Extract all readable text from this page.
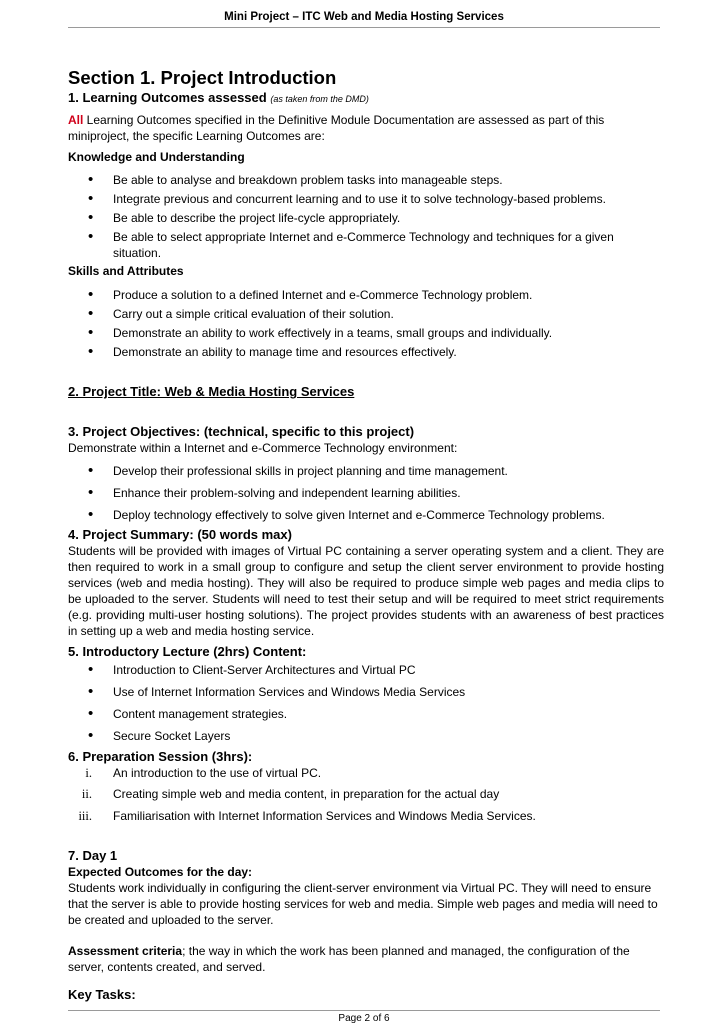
Mini Project – ITC Web and Media Hosting Services
Section 1. Project Introduction

1. Learning Outcomes assessed (as taken from the DMD)

All Learning Outcomes specified in the Definitive Module Documentation are assessed as part of this miniproject, the specific Learning Outcomes are:

Knowledge and Understanding

• Be able to analyse and breakdown problem tasks into manageable steps.
• Integrate previous and concurrent learning and to use it to solve technology-based problems.
• Be able to describe the project life-cycle appropriately.
• Be able to select appropriate Internet and e-Commerce Technology and techniques for a given situation.

Skills and Attributes

• Produce a solution to a defined Internet and e-Commerce Technology problem.
• Carry out a simple critical evaluation of their solution.
• Demonstrate an ability to work effectively in a teams, small groups and individually.
• Demonstrate an ability to manage time and resources effectively.

2. Project Title: Web & Media Hosting Services

3. Project Objectives: (technical, specific to this project)

Demonstrate within a Internet and e-Commerce Technology environment:

• Develop their professional skills in project planning and time management.
• Enhance their problem-solving and independent learning abilities.
• Deploy technology effectively to solve given Internet and e-Commerce Technology problems.

4. Project Summary: (50 words max)

Students will be provided with images of Virtual PC containing a server operating system and a client. They are then required to work in a small group to configure and setup the client server environment to provide hosting services (web and media hosting). They will also be required to produce simple web pages and media clips to be uploaded to the server. Students will need to test their setup and will be required to meet strict requirements (e.g. providing multi-user hosting solutions). The project provides students with an awareness of best practices in setting up a web and media hosting service.

5. Introductory Lecture (2hrs) Content:

• Introduction to Client-Server Architectures and Virtual PC
• Use of Internet Information Services and Windows Media Services
• Content management strategies.
• Secure Socket Layers

6. Preparation Session (3hrs):

i. An introduction to the use of virtual PC.
ii. Creating simple web and media content, in preparation for the actual day
iii. Familiarisation with Internet Information Services and Windows Media Services.

7. Day 1

Expected Outcomes for the day:

Students work individually in configuring the client-server environment via Virtual PC. They will need to ensure that the server is able to provide hosting services for web and media. Simple web pages and media will need to be created and uploaded to the server.

Assessment criteria; the way in which the work has been planned and managed, the configuration of the server, contents created, and served.

Key Tasks:

Page 2 of 6
